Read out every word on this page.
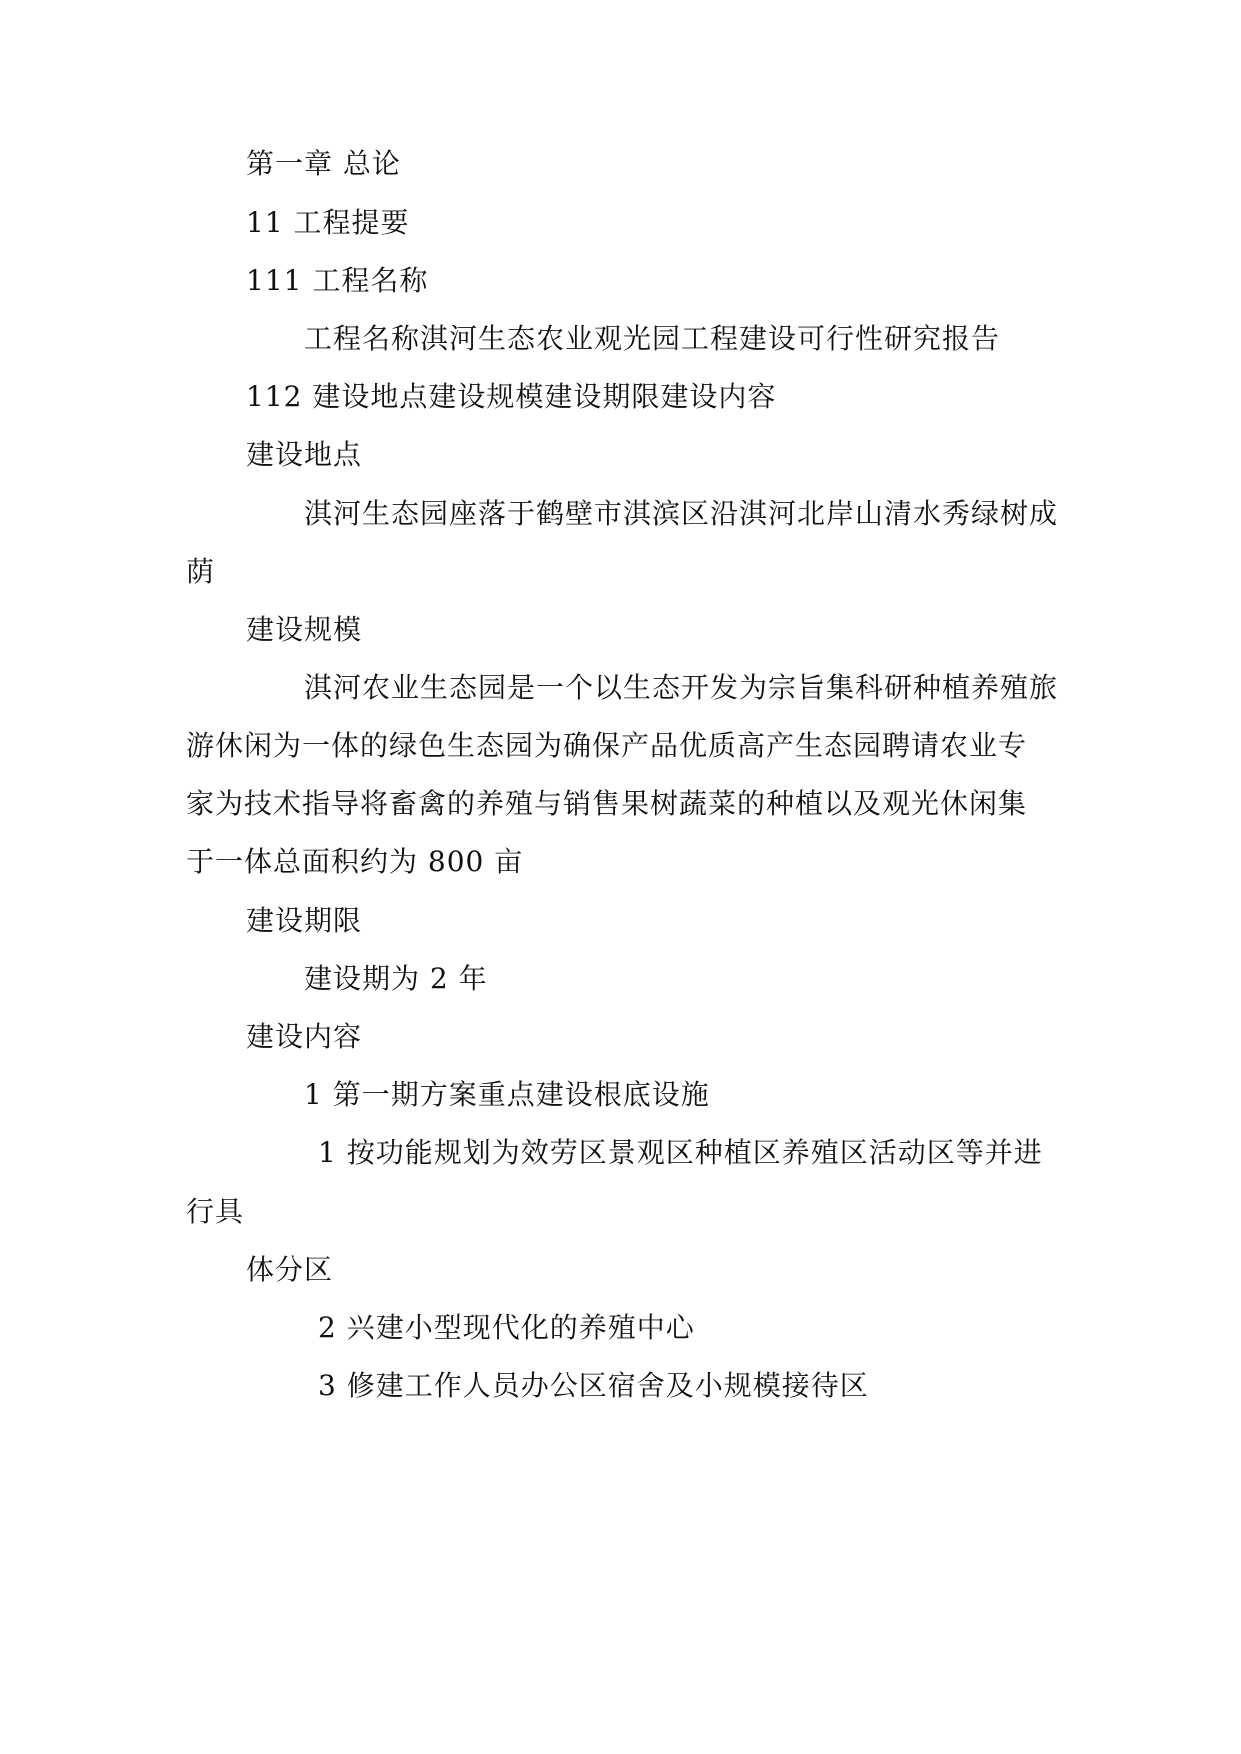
第一章 总论
11 工程提要
111 工程名称
工程名称淇河生态农业观光园工程建设可行性研究报告
112 建设地点建设规模建设期限建设内容
建设地点
淇河生态园座落于鹤壁市淇滨区沿淇河北岸山清水秀绿树成
荫
建设规模
淇河农业生态园是一个以生态开发为宗旨集科研种植养殖旅
游休闲为一体的绿色生态园为确保产品优质高产生态园聘请农业专
家为技术指导将畜禽的养殖与销售果树蔬菜的种植以及观光休闲集
于一体总面积约为 800 亩
建设期限
建设期为 2 年
建设内容
1 第一期方案重点建设根底设施
1 按功能规划为效劳区景观区种植区养殖区活动区等并进
行具
体分区
2 兴建小型现代化的养殖中心
3 修建工作人员办公区宿舍及小规模接待区
